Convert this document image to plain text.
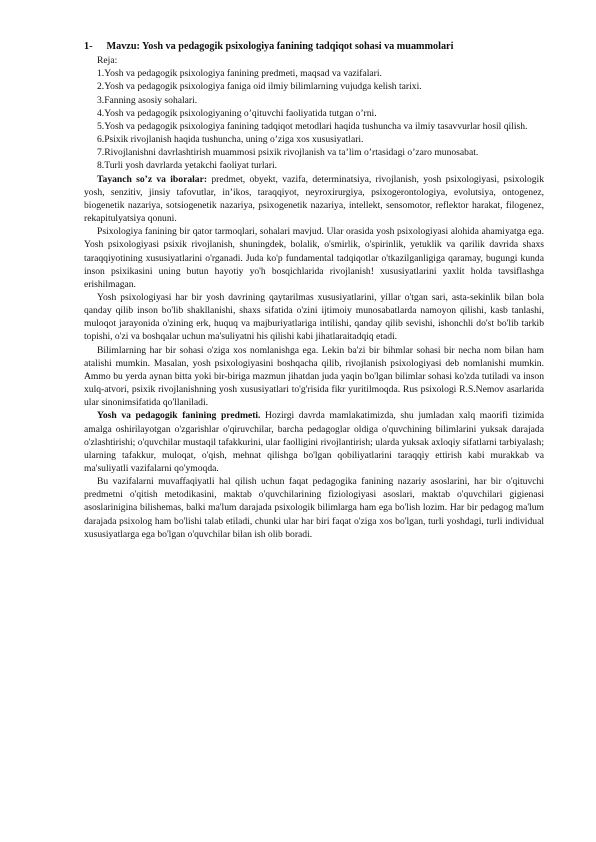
1- Mavzu: Yosh va pedagogik psixologiya fanining tadqiqot sohasi va muammolari

Reja:

1.Yosh va pedagogik psixologiya fanining predmeti, maqsad va vazifalari.

2.Yosh va pedagogik psixologiya faniga oid ilmiy bilimlarning vujudga kelish tarixi.

3.Fanning asosiy sohalari.

4.Yosh va pedagogik psixologiyaning o’qituvchi faoliyatida tutgan o’rni.

5.Yosh va pedagogik psixologiya fanining tadqiqot metodlari haqida tushuncha va ilmiy tasavvurlar hosil qilish.

6.Psixik rivojlanish haqida tushuncha, uning o’ziga xos xususiyatlari.

7.Rivojlanishni davrlashtirish muammosi psixik rivojlanish va ta’lim o’rtasidagi o’zaro munosabat.

8.Turli yosh davrlarda yetakchi faoliyat turlari.

Tayanch so’z va iboralar: predmet, obyekt, vazifa, determinatsiya, rivojlanish, yosh psixologiyasi, psixologik yosh, senzitiv, jinsiy tafovutlar, in’ikos, taraqqiyot, neyroxirurgiya, psixogerontologiya, evolutsiya, ontogenez, biogenetik nazariya, sotsiogenetik nazariya, psixogenetik nazariya, intellekt, sensomotor, reflektor harakat, filogenez, rekapitulyatsiya qonuni.

Psixologiya fanining bir qator tarmoqlari, sohalari mavjud. Ular orasida yosh psixologiyasi alohida ahamiyatga ega. Yosh psixologiyasi psixik rivojlanish, shuningdek, bolalik, o'smirlik, o'spirinlik, yetuklik va qarilik davrida shaxs taraqqiyotining xususiyatlarini o'rganadi. Juda ko'p fundamental tadqiqotlar o'tkazilganligiga qaramay, bugungi kunda inson psixikasini uning butun hayotiy yo'h bosqichlarida rivojlanish! xususiyatlarini yaxlit holda tavsiflashga erishilmagan.

Yosh psixologiyasi har bir yosh davrining qaytarilmas xususiyatlarini, yillar o'tgan sari, asta-sekinlik bilan bola qanday qilib inson bo'lib shakllanishi, shaxs sifatida o'zini ijtimoiy munosabatlarda namoyon qilishi, kasb tanlashi, muloqot jarayonida o'zining erk, huquq va majburiyatlariga intilishi, qanday qilib sevishi, ishonchli do'st bo'lib tarkib topishi, o'zi va boshqalar uchun ma'suliyatni his qilishi kabi jihatlaraitadqiq etadi.

Bilimlarning har bir sohasi o'ziga xos nomlanishga ega. Lekin ba'zi bir bihmlar sohasi bir necha nom bilan ham atalishi mumkin. Masalan, yosh psixologiyasini boshqacha qilib, rivojlanish psixologiyasi deb nomlanishi mumkin. Ammo bu yerda aynan bitta yoki bir-biriga mazmun jihatdan juda yaqin bo'lgan bilimlar sohasi ko'zda tutiladi va inson xulq-atvori, psixik rivojlanishning yosh xususiyatlari to'g'risida fikr yuritilmoqda. Rus psixologi R.S.Nemov asarlarida ular sinonimsifatida qo'llaniladi.

Yosh va pedagogik fanining predmeti. Hozirgi davrda mamlakatimizda, shu jumladan xalq maorifi tizimida amalga oshirilayotgan o'zgarishlar o'qiruvchilar, barcha pedagoglar oldiga o'quvchining bilimlarini yuksak darajada o'zlashtirishi; o'quvchilar mustaqil tafakkurini, ular faolligini rivojlantirish; ularda yuksak axloqiy sifatlarni tarbiyalash; ularning tafakkur, muloqat, o'qish, mehnat qilishga bo'lgan qobiliyatlarini taraqqiy ettirish kabi murakkab va ma'suliyatli vazifalarni qo'ymoqda.

Bu vazifalarni muvaffaqiyatli hal qilish uchun faqat pedagogika fanining nazariy asoslarini, har bir o'qituvchi predmetni o'qitish metodikasini, maktab o'quvchilarining fiziologiyasi asoslari, maktab o'quvchilari gigienasi asoslarinigina bilishemas, balki ma'lum darajada psixologik bilimlarga ham ega bo'lish lozim. Har bir pedagog ma'lum darajada psixolog ham bo'lishi talab etiladi, chunki ular har biri faqat o'ziga xos bo'lgan, turli yoshdagi, turli individual xususiyatlarga ega bo'lgan o'quvchilar bilan ish olib boradi.
